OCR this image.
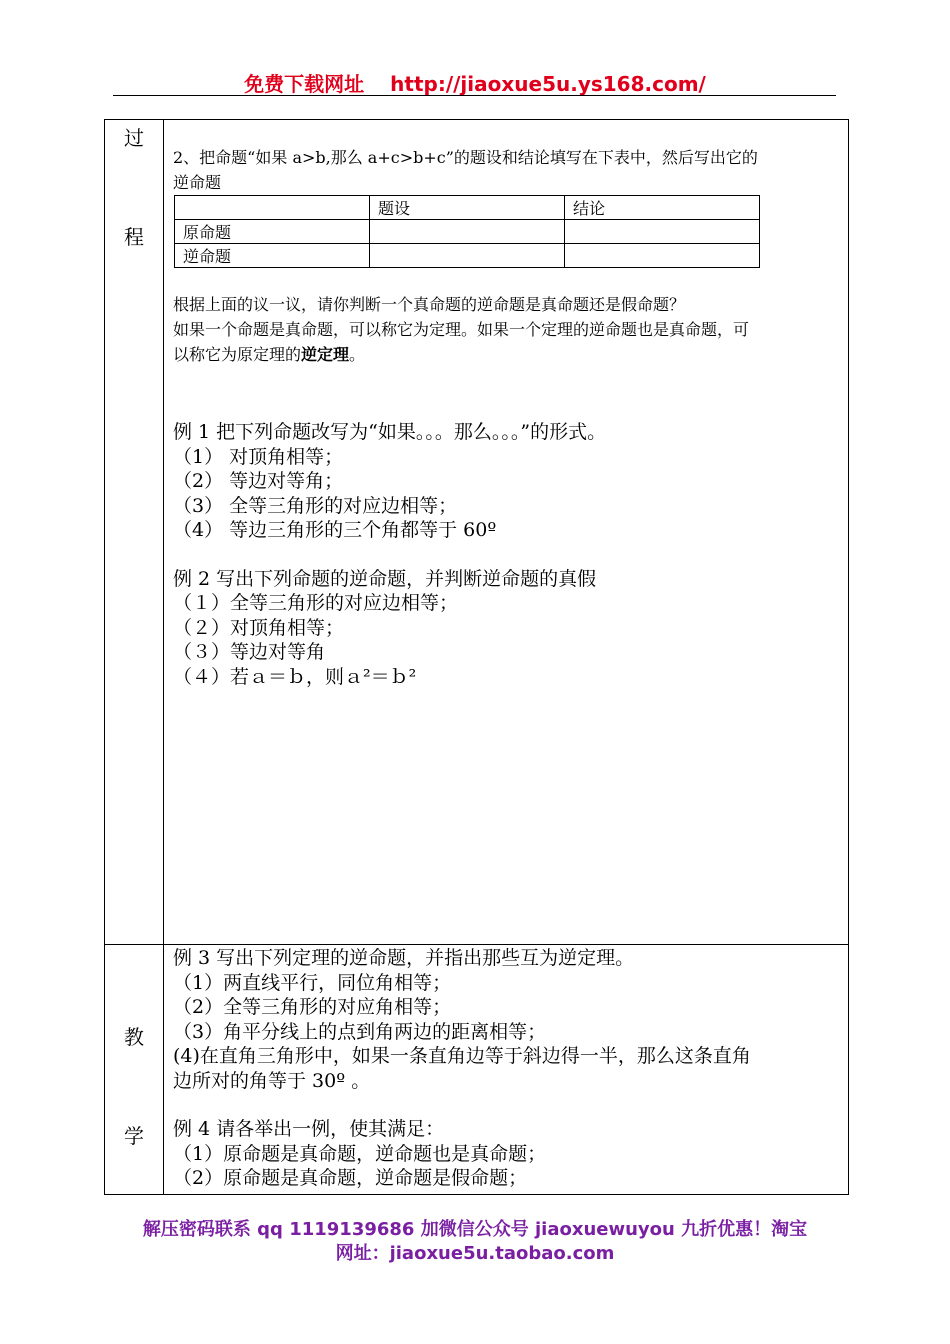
免费下载网址 http://jiaoxue5u.ys168.com/
过
程

2、把命题“如果 a>b,那么 a+c>b+c”的题设和结论填写在下表中，然后写出它的

逆命题

	题设	结论
原命题		
逆命题		

根据上面的议一议，请你判断一个真命题的逆命题是真命题还是假命题？

如果一个命题是真命题，可以称它为定理。如果一个定理的逆命题也是真命题，可

以称它为原定理的逆定理。

例 1 把下列命题改写为“如果。。。那么。。。”的形式。

（1） 对顶角相等；

（2） 等边对等角；

（3） 全等三角形的对应边相等；

（4） 等边三角形的三个角都等于 60º

例 2 写出下列命题的逆命题，并判断逆命题的真假

（１）全等三角形的对应边相等；

（２）对顶角相等；

（３）等边对等角

（４）若ａ＝ｂ，则ａ²＝ｂ²

教
学

例 3 写出下列定理的逆命题，并指出那些互为逆定理。

（1）两直线平行，同位角相等；

（2）全等三角形的对应角相等；

（3）角平分线上的点到角两边的距离相等；

(4)在直角三角形中，如果一条直角边等于斜边得一半，那么这条直角

边所对的角等于 30º 。

例 4 请各举出一例，使其满足：

（1）原命题是真命题，逆命题也是真命题；

（2）原命题是真命题，逆命题是假命题；

解压密码联系 qq 1119139686 加微信公众号 jiaoxuewuyou 九折优惠！淘宝
网址：jiaoxue5u.taobao.com
